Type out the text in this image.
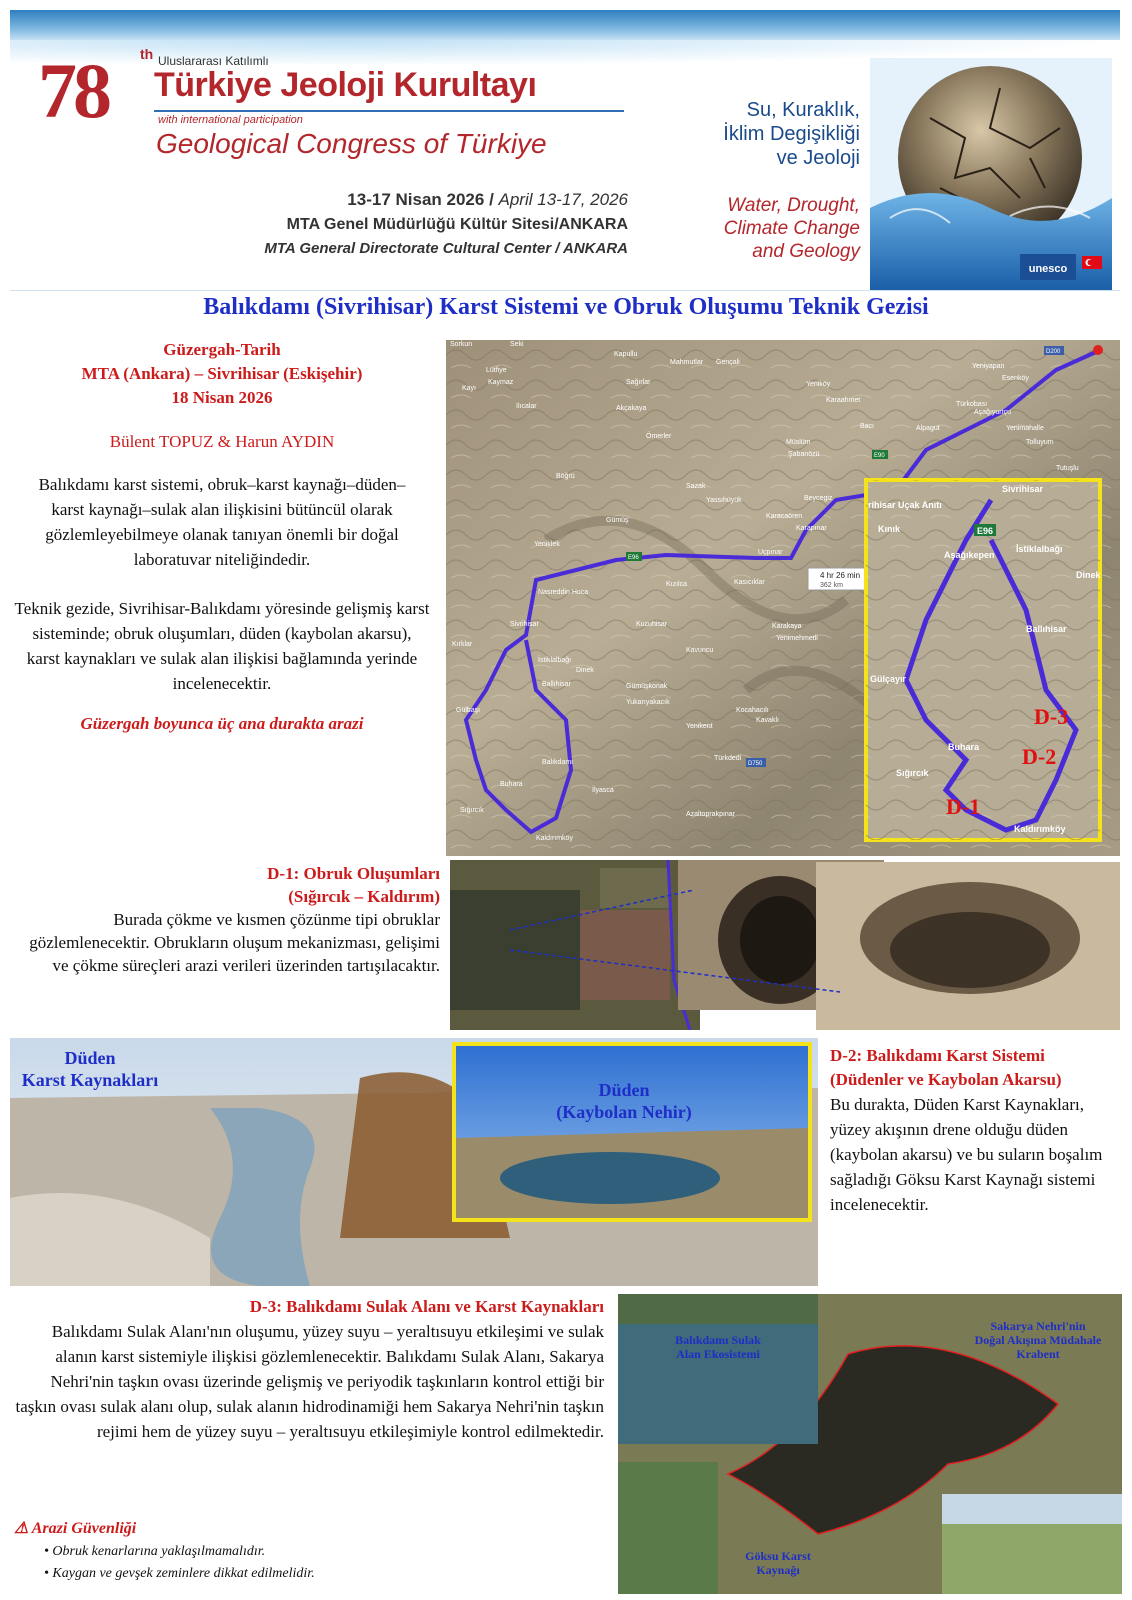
78 th Uluslararası Katılımlı
Türkiye Jeoloji Kurultayı
with international participation
Geological Congress of Türkiye
13-17 Nisan 2026 / April 13-17, 2026
MTA Genel Müdürlüğü Kültür Sitesi/ANKARA
MTA General Directorate Cultural Center / ANKARA
Su, Kuraklık,
İklim Degişikliği
ve Jeoloji
Water, Drought,
Climate Change
and Geology
unesco
Balıkdamı (Sivrihisar) Karst Sistemi ve Obruk Oluşumu Teknik Gezisi
Güzergah-Tarih
MTA (Ankara) – Sivrihisar (Eskişehir)
18 Nisan 2026
Bülent TOPUZ & Harun AYDIN
Balıkdamı karst sistemi, obruk–karst kaynağı–düden–karst kaynağı–sulak alan ilişkisini bütüncül olarak gözlemleyebilmeye olanak tanıyan önemli bir doğal laboratuvar niteliğindedir.
Teknik gezide, Sivrihisar-Balıkdamı yöresinde gelişmiş karst sisteminde; obruk oluşumları, düden (kaybolan akarsu), karst kaynakları ve sulak alan ilişkisi bağlamında yerinde incelenecektir.
Güzergah boyunca üç ana durakta arazi
4 hr 26 min
362 km
Sorkun	Seki
Kapullu
Mahmutlar Gençali
Lütfiye
Kaymaz
Ilıcalar
Kayı
Sağırlar
Karaahmet
Yeniköy
Türkobası
Aşağıyurtçu
Yeniyapan
Esenköy
Akçakaya
Ömerler
Müslüm
Şabanözü
Bacı	Alpagut	Yenimahalle
Tolluyum
Böğrü
Sazak
Yassıhüyük	Beycegiz
Karapınar
Karacaören
Gümüş
Tutuşlu
Uçpınar
Yeniklek
Kasıcıklar
Kızılca
Kuzuhisar
Kavuncu
Yenimehmetli
Dinek
Karakaya
Gümüşkonak
Yukarıyakacık
Kocahacılı
Kavaklı
Türkdedi
Azaltoprakpınar
İlyasca
Kaldırımköy
Buhara
Sığırcık
Gülbaşı
Ballıhisar
İstiklalbağı
Sivrihisar
Nasreddin Hoca
Kırklar
Yenikent
Balıkdamı
E90
E96
D200
D750
rihisar Uçak Anıtı
Sivrihisar
Kınık	E96
Aşağıkepen
İstiklalbağı
Dinek
Ballıhisar
Gülçayır
Buhara
Sığırcık
Kaldırımköy
D-1
D-2
D-3
D-1: Obruk Oluşumları
(Sığırcık – Kaldırım)
Burada çökme ve kısmen çözünme tipi obruklar gözlemlenecektir. Obrukların oluşum mekanizması, gelişimi ve çökme süreçleri arazi verileri üzerinden tartışılacaktır.
Düden
Karst Kaynakları	Düden
(Kaybolan Nehir)
D-2: Balıkdamı Karst Sistemi (Düdenler ve Kaybolan Akarsu)
Bu durakta, Düden Karst Kaynakları, yüzey akışının drene olduğu düden (kaybolan akarsu) ve bu suların boşalım sağladığı Göksu Karst Kaynağı sistemi incelenecektir.
D-3: Balıkdamı Sulak Alanı ve Karst Kaynakları
Balıkdamı Sulak Alanı'nın oluşumu, yüzey suyu – yeraltısuyu etkileşimi ve sulak alanın karst sistemiyle ilişkisi gözlemlenecektir. Balıkdamı Sulak Alanı, Sakarya Nehri'nin taşkın ovası üzerinde gelişmiş ve periyodik taşkınların kontrol ettiği bir taşkın ovası sulak alanı olup, sulak alanın hidrodinamiği hem Sakarya Nehri'nin taşkın rejimi hem de yüzey suyu – yeraltısuyu etkileşimiyle kontrol edilmektedir.
Balıkdamı Sulak
Alan Ekosistemi
Sakarya Nehri'nin
Doğal Akışına Müdahale
Krabent
Göksu Karst
Kaynağı
⚠ Arazi Güvenliği
• Obruk kenarlarına yaklaşılmamalıdır.
• Kaygan ve gevşek zeminlere dikkat edilmelidir.
